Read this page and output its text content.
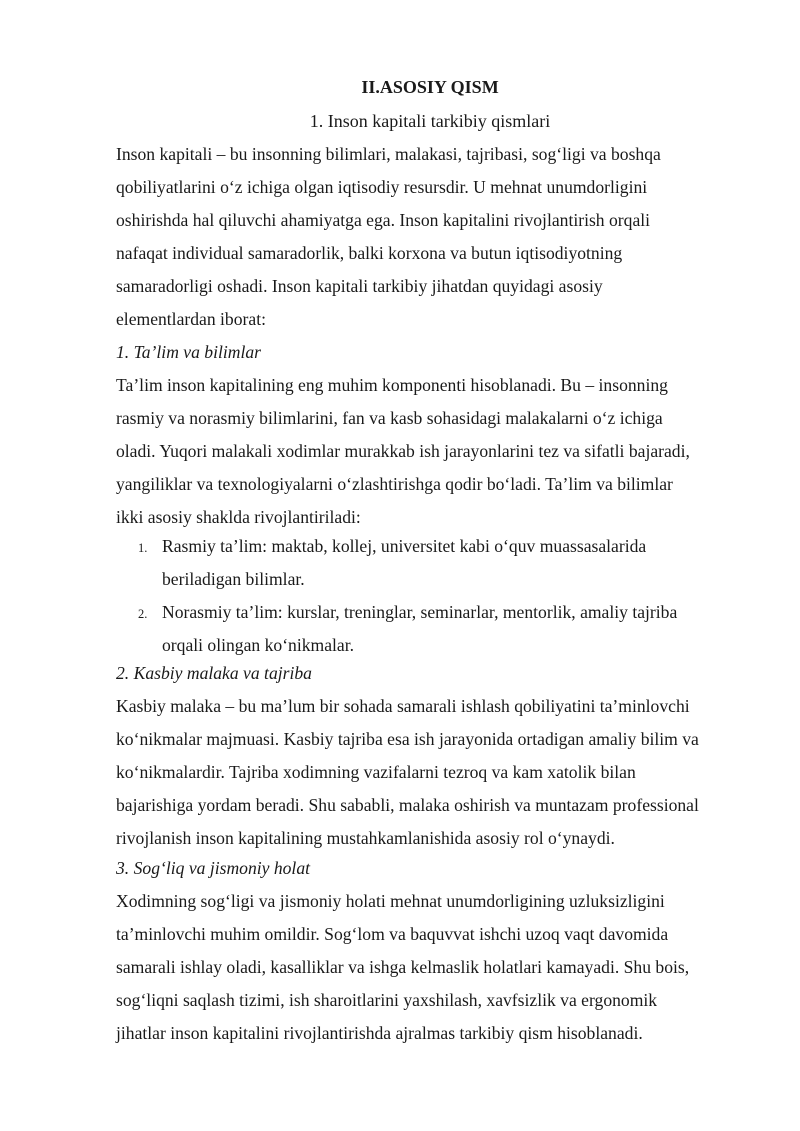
II.ASOSIY QISM
1. Inson kapitali tarkibiy qismlari
Inson kapitali – bu insonning bilimlari, malakasi, tajribasi, sog‘ligi va boshqa
qobiliyatlarini o‘z ichiga olgan iqtisodiy resursdir. U mehnat unumdorligini
oshirishda hal qiluvchi ahamiyatga ega. Inson kapitalini rivojlantirish orqali
nafaqat individual samaradorlik, balki korxona va butun iqtisodiyotning
samaradorligi oshadi. Inson kapitali tarkibiy jihatdan quyidagi asosiy
elementlardan iborat:
1. Ta’lim va bilimlar
Ta’lim inson kapitalining eng muhim komponenti hisoblanadi. Bu – insonning
rasmiy va norasmiy bilimlarini, fan va kasb sohasidagi malakalarni o‘z ichiga
oladi. Yuqori malakali xodimlar murakkab ish jarayonlarini tez va sifatli bajaradi,
yangiliklar va texnologiyalarni o‘zlashtirishga qodir bo‘ladi. Ta’lim va bilimlar
ikki asosiy shaklda rivojlantiriladi:
1. Rasmiy ta’lim: maktab, kollej, universitet kabi o‘quv muassasalarida
beriladigan bilimlar.
2. Norasmiy ta’lim: kurslar, treninglar, seminarlar, mentorlik, amaliy tajriba
orqali olingan ko‘nikmalar.
2. Kasbiy malaka va tajriba
Kasbiy malaka – bu ma’lum bir sohada samarali ishlash qobiliyatini ta’minlovchi
ko‘nikmalar majmuasi. Kasbiy tajriba esa ish jarayonida ortadigan amaliy bilim va
ko‘nikmalardir. Tajriba xodimning vazifalarni tezroq va kam xatolik bilan
bajarishiga yordam beradi. Shu sababli, malaka oshirish va muntazam professional
rivojlanish inson kapitalining mustahkamlanishida asosiy rol o‘ynaydi.
3. Sog‘liq va jismoniy holat
Xodimning sog‘ligi va jismoniy holati mehnat unumdorligining uzluksizligini
ta’minlovchi muhim omildir. Sog‘lom va baquvvat ishchi uzoq vaqt davomida
samarali ishlay oladi, kasalliklar va ishga kelmaslik holatlari kamayadi. Shu bois,
sog‘liqni saqlash tizimi, ish sharoitlarini yaxshilash, xavfsizlik va ergonomik
jihatlar inson kapitalini rivojlantirishda ajralmas tarkibiy qism hisoblanadi.
